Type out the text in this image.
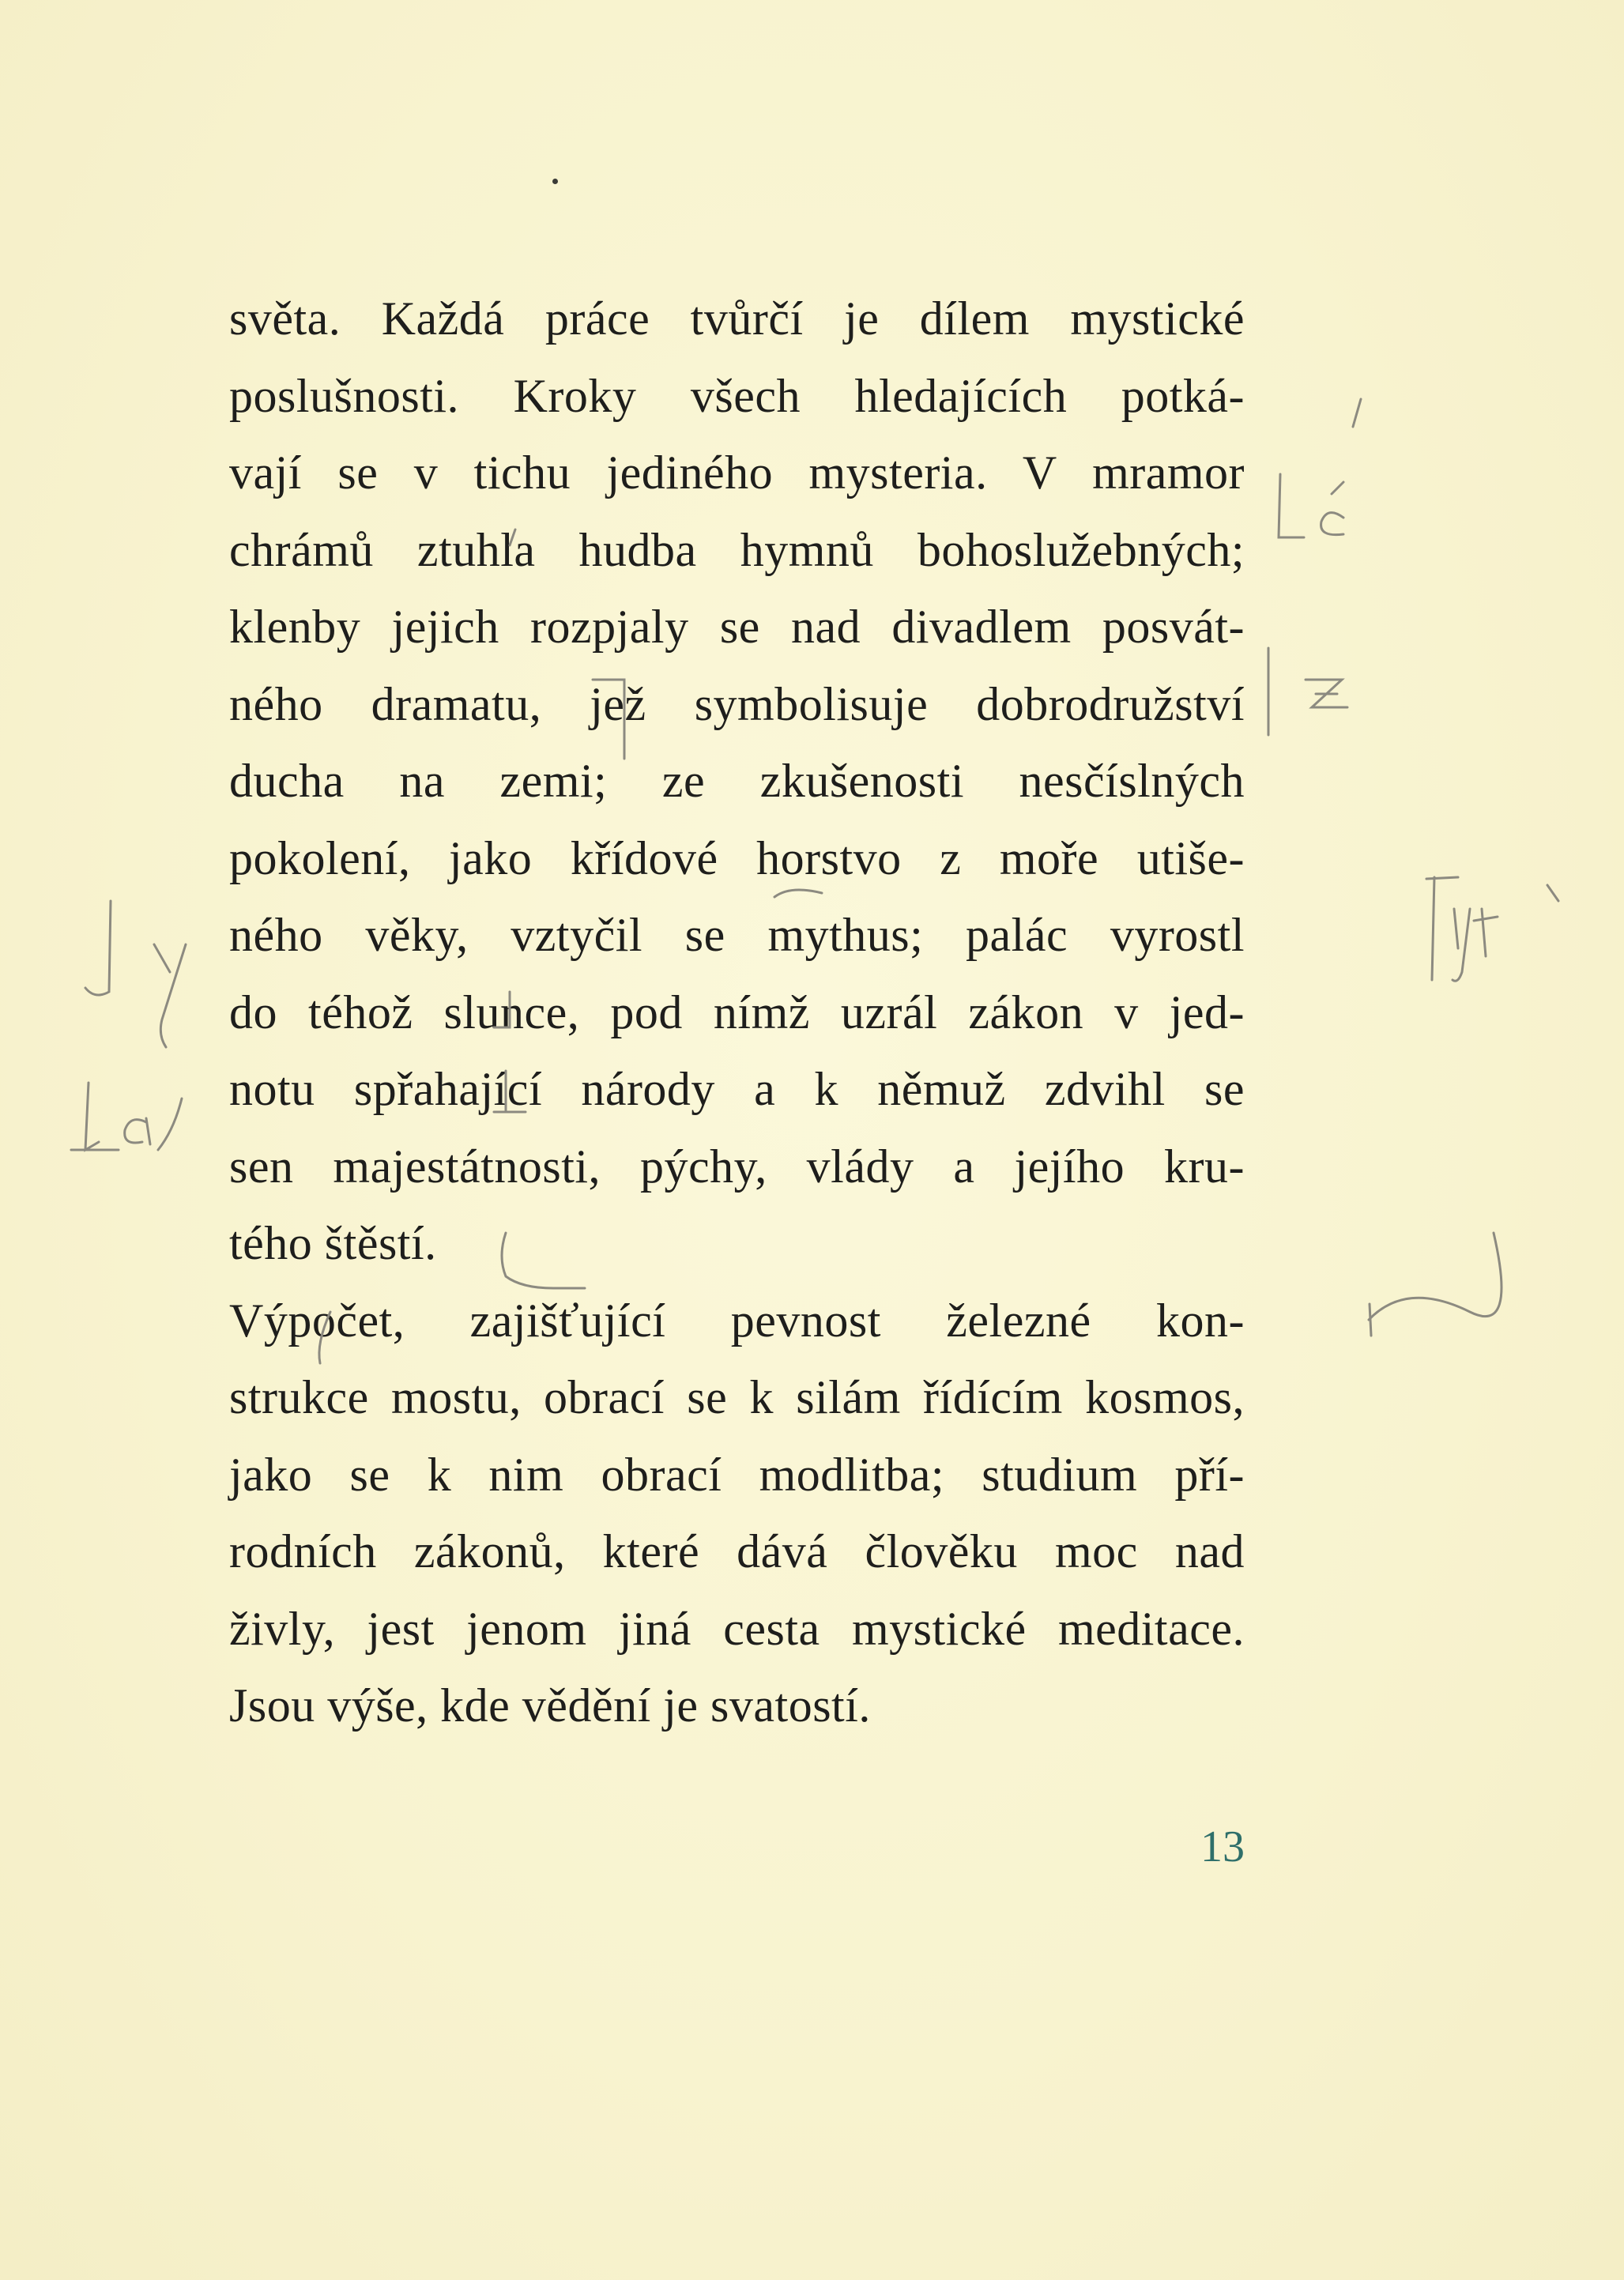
světa. Každá práce tvůrčí je dílem mystické
poslušnosti. Kroky všech hledajících potká-
vají se v tichu jediného mysteria. V mramor
chrámů ztuhla hudba hymnů bohoslužebných;
klenby jejich rozpjaly se nad divadlem posvát-
ného dramatu, jež symbolisuje dobrodružství
ducha na zemi; ze zkušenosti nesčíslných
pokolení, jako křídové horstvo z moře utiše-
ného věky, vztyčil se mythus; palác vyrostl
do téhož slunce, pod nímž uzrál zákon v jed-
notu spřahající národy a k němuž zdvihl se
sen majestátnosti, pýchy, vlády a jejího kru-
tého štěstí.
Výpočet, zajišťující pevnost železné kon-
strukce mostu, obrací se k silám řídícím kosmos,
jako se k nim obrací modlitba; studium pří-
rodních zákonů, které dává člověku moc nad
živly, jest jenom jiná cesta mystické meditace.
Jsou výše, kde vědění je svatostí.
13
